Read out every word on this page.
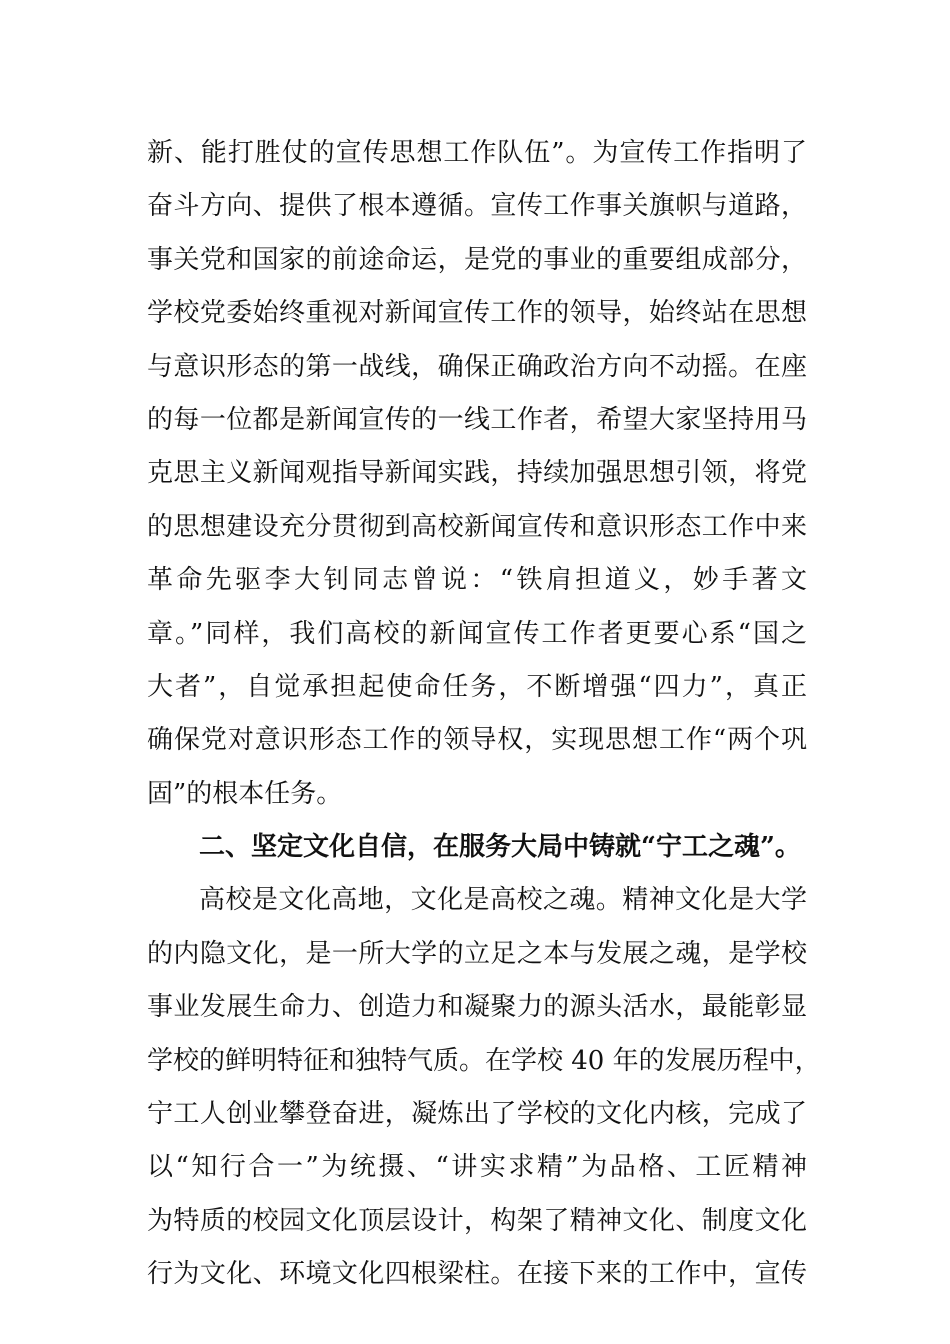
新、能打胜仗的宣传思想工作队伍”。为宣传工作指明了
奋斗方向、提供了根本遵循。宣传工作事关旗帜与道路，
事关党和国家的前途命运，是党的事业的重要组成部分，
学校党委始终重视对新闻宣传工作的领导，始终站在思想
与意识形态的第一战线，确保正确政治方向不动摇。在座
的每一位都是新闻宣传的一线工作者，希望大家坚持用马
克思主义新闻观指导新闻实践，持续加强思想引领，将党
的思想建设充分贯彻到高校新闻宣传和意识形态工作中来
革命先驱李大钊同志曾说：“铁肩担道义，妙手著文
章。”同样，我们高校的新闻宣传工作者更要心系“国之
大者”，自觉承担起使命任务，不断增强“四力”，真正
确保党对意识形态工作的领导权，实现思想工作“两个巩
固”的根本任务。
二、坚定文化自信，在服务大局中铸就“宁工之魂”。
高校是文化高地，文化是高校之魂。精神文化是大学
的内隐文化，是一所大学的立足之本与发展之魂，是学校
事业发展生命力、创造力和凝聚力的源头活水，最能彰显
学校的鲜明特征和独特气质。在学校 40 年的发展历程中，
宁工人创业攀登奋进，凝炼出了学校的文化内核，完成了
以“知行合一”为统摄、“讲实求精”为品格、工匠精神
为特质的校园文化顶层设计，构架了精神文化、制度文化
行为文化、环境文化四根梁柱。在接下来的工作中，宣传
